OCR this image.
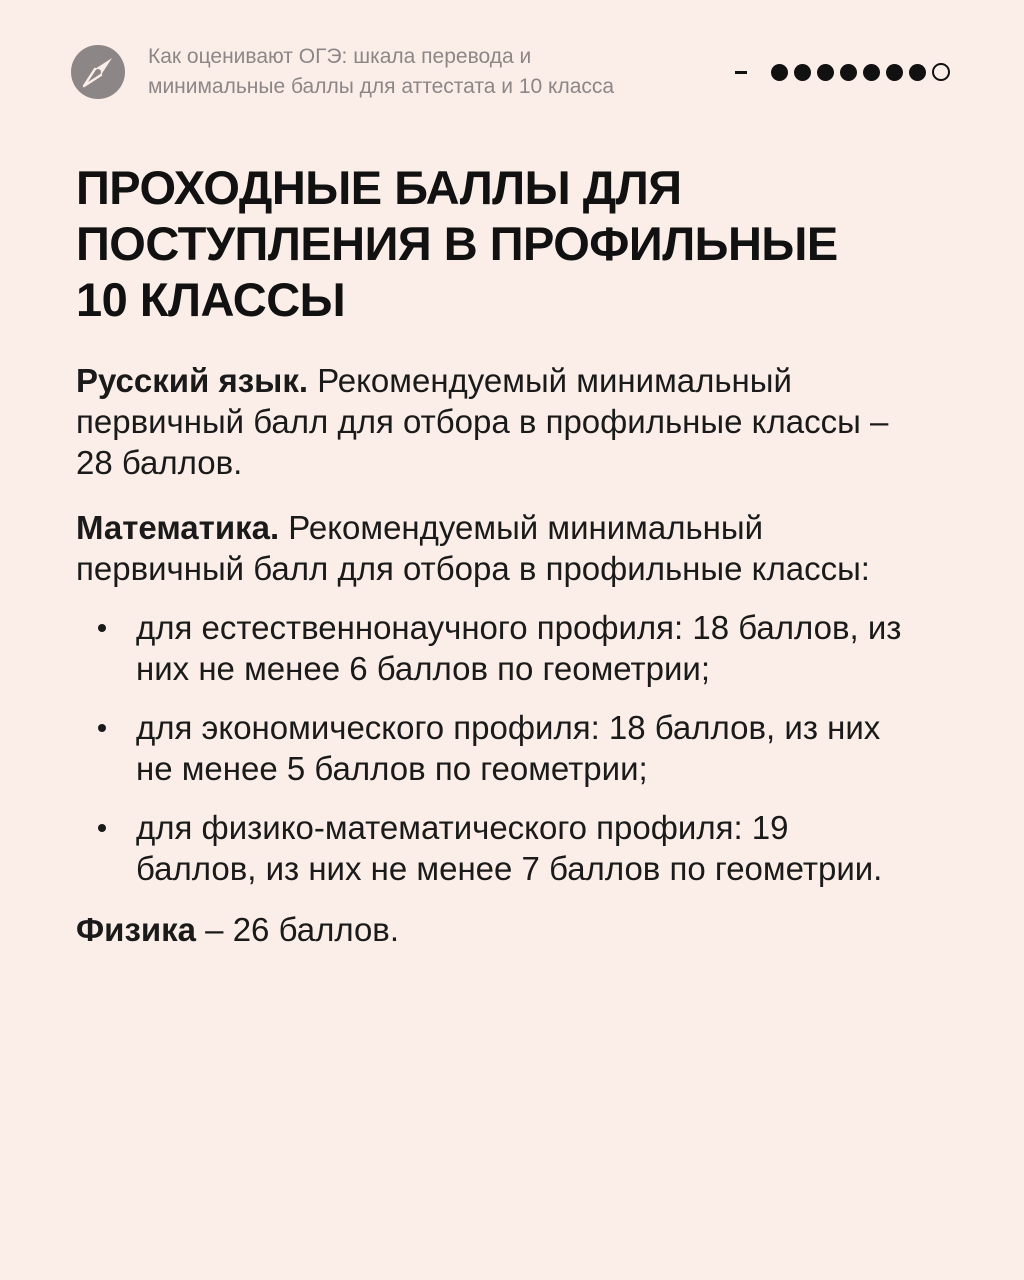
Как оценивают ОГЭ: шкала перевода и
минимальные баллы для аттестата и 10 класса
ПРОХОДНЫЕ БАЛЛЫ ДЛЯ
ПОСТУПЛЕНИЯ В ПРОФИЛЬНЫЕ
10 КЛАССЫ

Русский язык. Рекомендуемый минимальный первичный балл для отбора в профильные классы – 28 баллов.

Математика. Рекомендуемый минимальный первичный балл для отбора в профильные классы:

для естественнонаучного профиля: 18 баллов, из них не менее 6 баллов по геометрии;
для экономического профиля: 18 баллов, из них не менее 5 баллов по геометрии;
для физико-математического профиля: 19 баллов, из них не менее 7 баллов по геометрии.

Физика – 26 баллов.
